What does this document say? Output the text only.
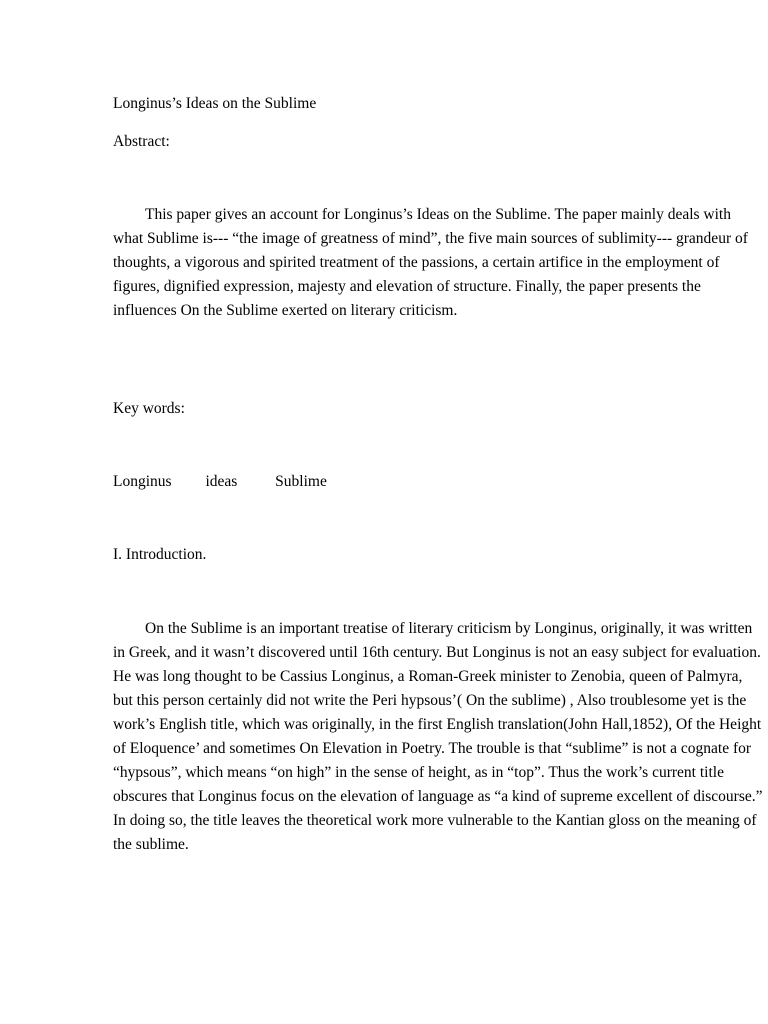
Longinus’s Ideas on the Sublime
Abstract:
This paper gives an account for Longinus’s Ideas on the Sublime. The paper mainly deals with what Sublime is--- “the image of greatness of mind”, the five main sources of sublimity--- grandeur of thoughts, a vigorous and spirited treatment of the passions, a certain artifice in the employment of figures, dignified expression, majesty and elevation of structure. Finally, the paper presents the influences On the Sublime exerted on literary criticism.
Key words:
Longinus ideas Sublime
I. Introduction.
On the Sublime is an important treatise of literary criticism by Longinus, originally, it was written in Greek, and it wasn’t discovered until 16th century. But Longinus is not an easy subject for evaluation. He was long thought to be Cassius Longinus, a Roman-Greek minister to Zenobia, queen of Palmyra, but this person certainly did not write the Peri hypsous’( On the sublime) , Also troublesome yet is the work’s English title, which was originally, in the first English translation(John Hall,1852), Of the Height of Eloquence’ and sometimes On Elevation in Poetry. The trouble is that “sublime” is not a cognate for “hypsous”, which means “on high” in the sense of height, as in “top”. Thus the work’s current title obscures that Longinus focus on the elevation of language as “a kind of supreme excellent of discourse.” In doing so, the title leaves the theoretical work more vulnerable to the Kantian gloss on the meaning of the sublime.
